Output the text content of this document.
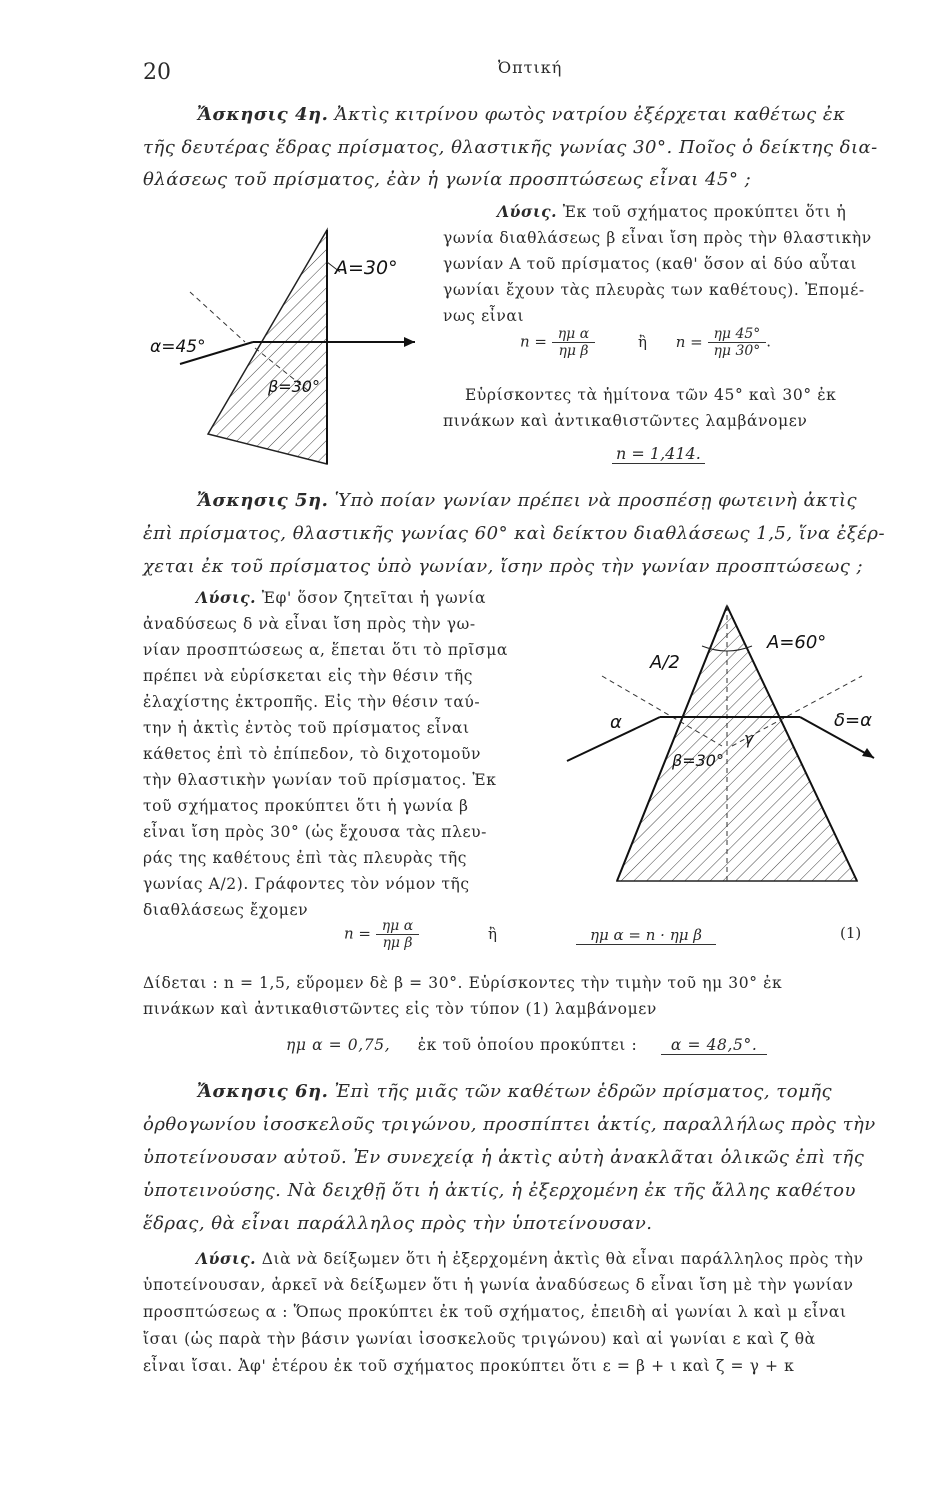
20	Ὀπτική
Ἄσκησις 4η. Ἀκτὶς κιτρίνου φωτὸς νατρίου ἐξέρχεται καθέτως ἐκ
τῆς δευτέρας ἕδρας πρίσματος, θλαστικῆς γωνίας 30°. Ποῖος ὁ δείκτης δια-
θλάσεως τοῦ πρίσματος, ἐὰν ἡ γωνία προσπτώσεως εἶναι 45° ;
Λύσις. Ἐκ τοῦ σχήματος προκύπτει ὅτι ἡ
γωνία διαθλάσεως β εἶναι ἴση πρὸς τὴν θλαστικὴν
γωνίαν A τοῦ πρίσματος (καθ' ὅσον αἱ δύο αὗται
γωνίαι ἔχουν τὰς πλευρὰς των καθέτους). Ἐπομέ-
νως εἶναι
$n = \frac{\text{ημ α}}{\text{ημ β}}$	ἢ $n = \frac{\eta\mu 45^\circ}{\eta\mu 30^\circ}$ .
Εὑρίσκοντες τὰ ἡμίτονα τῶν 45° καὶ 30° ἐκ
πινάκων καὶ ἀντικαθιστῶντες λαμβάνομεν
n = 1,414.
A=30°
α=45°
β=30°
Ἄσκησις 5η. Ὑπὸ ποίαν γωνίαν πρέπει νὰ προσπέσῃ φωτεινὴ ἀκτὶς
ἐπὶ πρίσματος, θλαστικῆς γωνίας 60° καὶ δείκτου διαθλάσεως 1,5, ἵνα ἐξέρ-
χεται ἐκ τοῦ πρίσματος ὑπὸ γωνίαν, ἴσην πρὸς τὴν γωνίαν προσπτώσεως ;
Λύσις. Ἐφ' ὅσον ζητεῖται ἡ γωνία
ἀναδύσεως δ νὰ εἶναι ἴση πρὸς τὴν γω-
νίαν προσπτώσεως α, ἕπεται ὅτι τὸ πρῖσμα
πρέπει νὰ εὑρίσκεται εἰς τὴν θέσιν τῆς
ἐλαχίστης ἐκτροπῆς. Εἰς τὴν θέσιν ταύ-
την ἡ ἀκτὶς ἐντὸς τοῦ πρίσματος εἶναι
κάθετος ἐπὶ τὸ ἐπίπεδον, τὸ διχοτομοῦν
τὴν θλαστικὴν γωνίαν τοῦ πρίσματος. Ἐκ
τοῦ σχήματος προκύπτει ὅτι ἡ γωνία β
εἶναι ἴση πρὸς 30° (ὡς ἔχουσα τὰς πλευ-
ράς της καθέτους ἐπὶ τὰς πλευρὰς τῆς
γωνίας A/2). Γράφοντες τὸν νόμον τῆς
διαθλάσεως ἔχομεν
$n = \frac{\text{ημ α}}{\text{ημ β}}$	ἢ	ημ α = n · ημ β	(1)
Δίδεται : n = 1,5, εὕρομεν δὲ β = 30°. Εὑρίσκοντες τὴν τιμὴν τοῦ ημ 30° ἐκ
πινάκων καὶ ἀντικαθιστῶντες εἰς τὸν τύπον (1) λαμβάνομεν
ημ α = 0,75, ἐκ τοῦ ὁποίου προκύπτει : α = 48,5°.
A=60°
A/2
α	δ=α
β=30°
γ
Ἄσκησις 6η. Ἐπὶ τῆς μιᾶς τῶν καθέτων ἑδρῶν πρίσματος, τομῆς
ὀρθογωνίου ἰσοσκελοῦς τριγώνου, προσπίπτει ἀκτίς, παραλλήλως πρὸς τὴν
ὑποτείνουσαν αὐτοῦ. Ἐν συνεχείᾳ ἡ ἀκτὶς αὐτὴ ἀνακλᾶται ὁλικῶς ἐπὶ τῆς
ὑποτεινούσης. Νὰ δειχθῇ ὅτι ἡ ἀκτίς, ἡ ἐξερχομένη ἐκ τῆς ἄλλης καθέτου
ἕδρας, θὰ εἶναι παράλληλος πρὸς τὴν ὑποτείνουσαν.
Λύσις. Διὰ νὰ δείξωμεν ὅτι ἡ ἐξερχομένη ἀκτὶς θὰ εἶναι παράλληλος πρὸς τὴν
ὑποτείνουσαν, ἀρκεῖ νὰ δείξωμεν ὅτι ἡ γωνία ἀναδύσεως δ εἶναι ἴση μὲ τὴν γωνίαν
προσπτώσεως α : Ὅπως προκύπτει ἐκ τοῦ σχήματος, ἐπειδὴ αἱ γωνίαι λ καὶ μ εἶναι
ἴσαι (ὡς παρὰ τὴν βάσιν γωνίαι ἰσοσκελοῦς τριγώνου) καὶ αἱ γωνίαι ε καὶ ζ θὰ
εἶναι ἴσαι. Ἀφ' ἑτέρου ἐκ τοῦ σχήματος προκύπτει ὅτι ε = β + ι καὶ ζ = γ + κ
